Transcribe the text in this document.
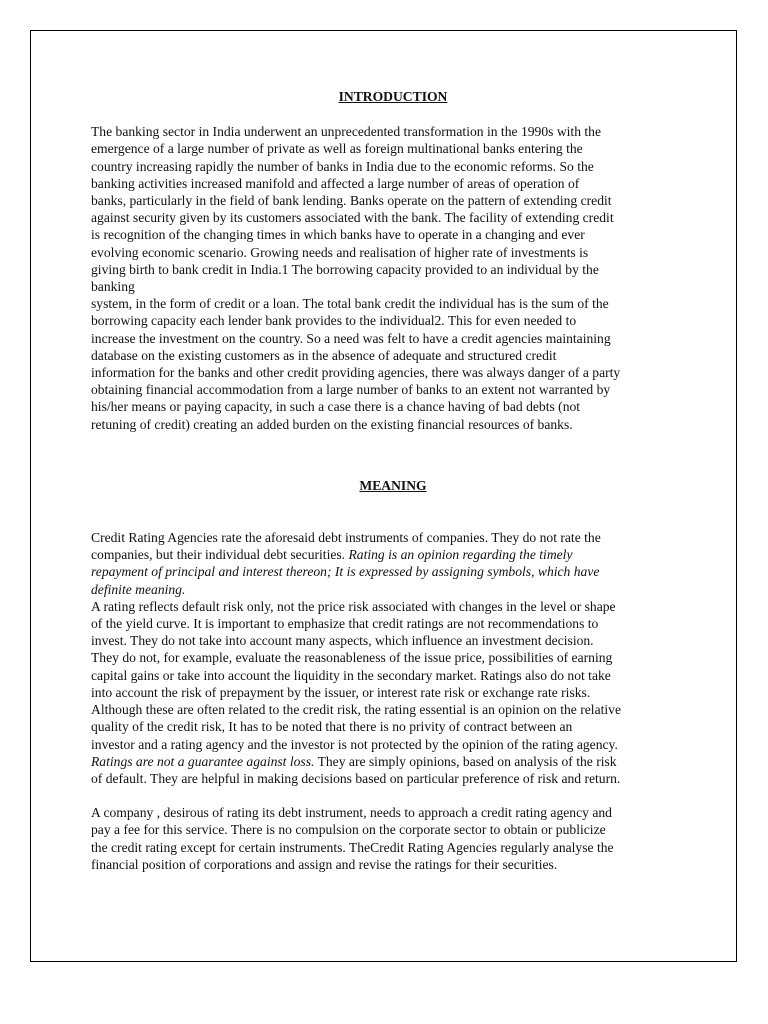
INTRODUCTION
The banking sector in India underwent an unprecedented transformation in the 1990s with the
emergence of a large number of private as well as foreign multinational banks entering the
country increasing rapidly the number of banks in India due to the economic reforms. So the
banking activities increased manifold and affected a large number of areas of operation of
banks, particularly in the field of bank lending. Banks operate on the pattern of extending credit
against security given by its customers associated with the bank. The facility of extending credit
is recognition of the changing times in which banks have to operate in a changing and ever
evolving economic scenario. Growing needs and realisation of higher rate of investments is
giving birth to bank credit in India.1 The borrowing capacity provided to an individual by the
banking
system, in the form of credit or a loan. The total bank credit the individual has is the sum of the
borrowing capacity each lender bank provides to the individual2. This for even needed to
increase the investment on the country. So a need was felt to have a credit agencies maintaining
database on the existing customers as in the absence of adequate and structured credit
information for the banks and other credit providing agencies, there was always danger of a party
obtaining financial accommodation from a large number of banks to an extent not warranted by
his/her means or paying capacity, in such a case there is a chance having of bad debts (not
retuning of credit) creating an added burden on the existing financial resources of banks.
MEANING
Credit Rating Agencies rate the aforesaid debt instruments of companies. They do not rate the
companies, but their individual debt securities. Rating is an opinion regarding the timely
repayment of principal and interest thereon; It is expressed by assigning symbols, which have
definite meaning.
A rating reflects default risk only, not the price risk associated with changes in the level or shape
of the yield curve. It is important to emphasize that credit ratings are not recommendations to
invest. They do not take into account many aspects, which influence an investment decision.
They do not, for example, evaluate the reasonableness of the issue price, possibilities of earning
capital gains or take into account the liquidity in the secondary market. Ratings also do not take
into account the risk of prepayment by the issuer, or interest rate risk or exchange rate risks.
Although these are often related to the credit risk, the rating essential is an opinion on the relative
quality of the credit risk, It has to be noted that there is no privity of contract between an
investor and a rating agency and the investor is not protected by the opinion of the rating agency.
Ratings are not a guarantee against loss. They are simply opinions, based on analysis of the risk
of default. They are helpful in making decisions based on particular preference of risk and return.
A company , desirous of rating its debt instrument, needs to approach a credit rating agency and
pay a fee for this service. There is no compulsion on the corporate sector to obtain or publicize
the credit rating except for certain instruments. TheCredit Rating Agencies regularly analyse the
financial position of corporations and assign and revise the ratings for their securities.
